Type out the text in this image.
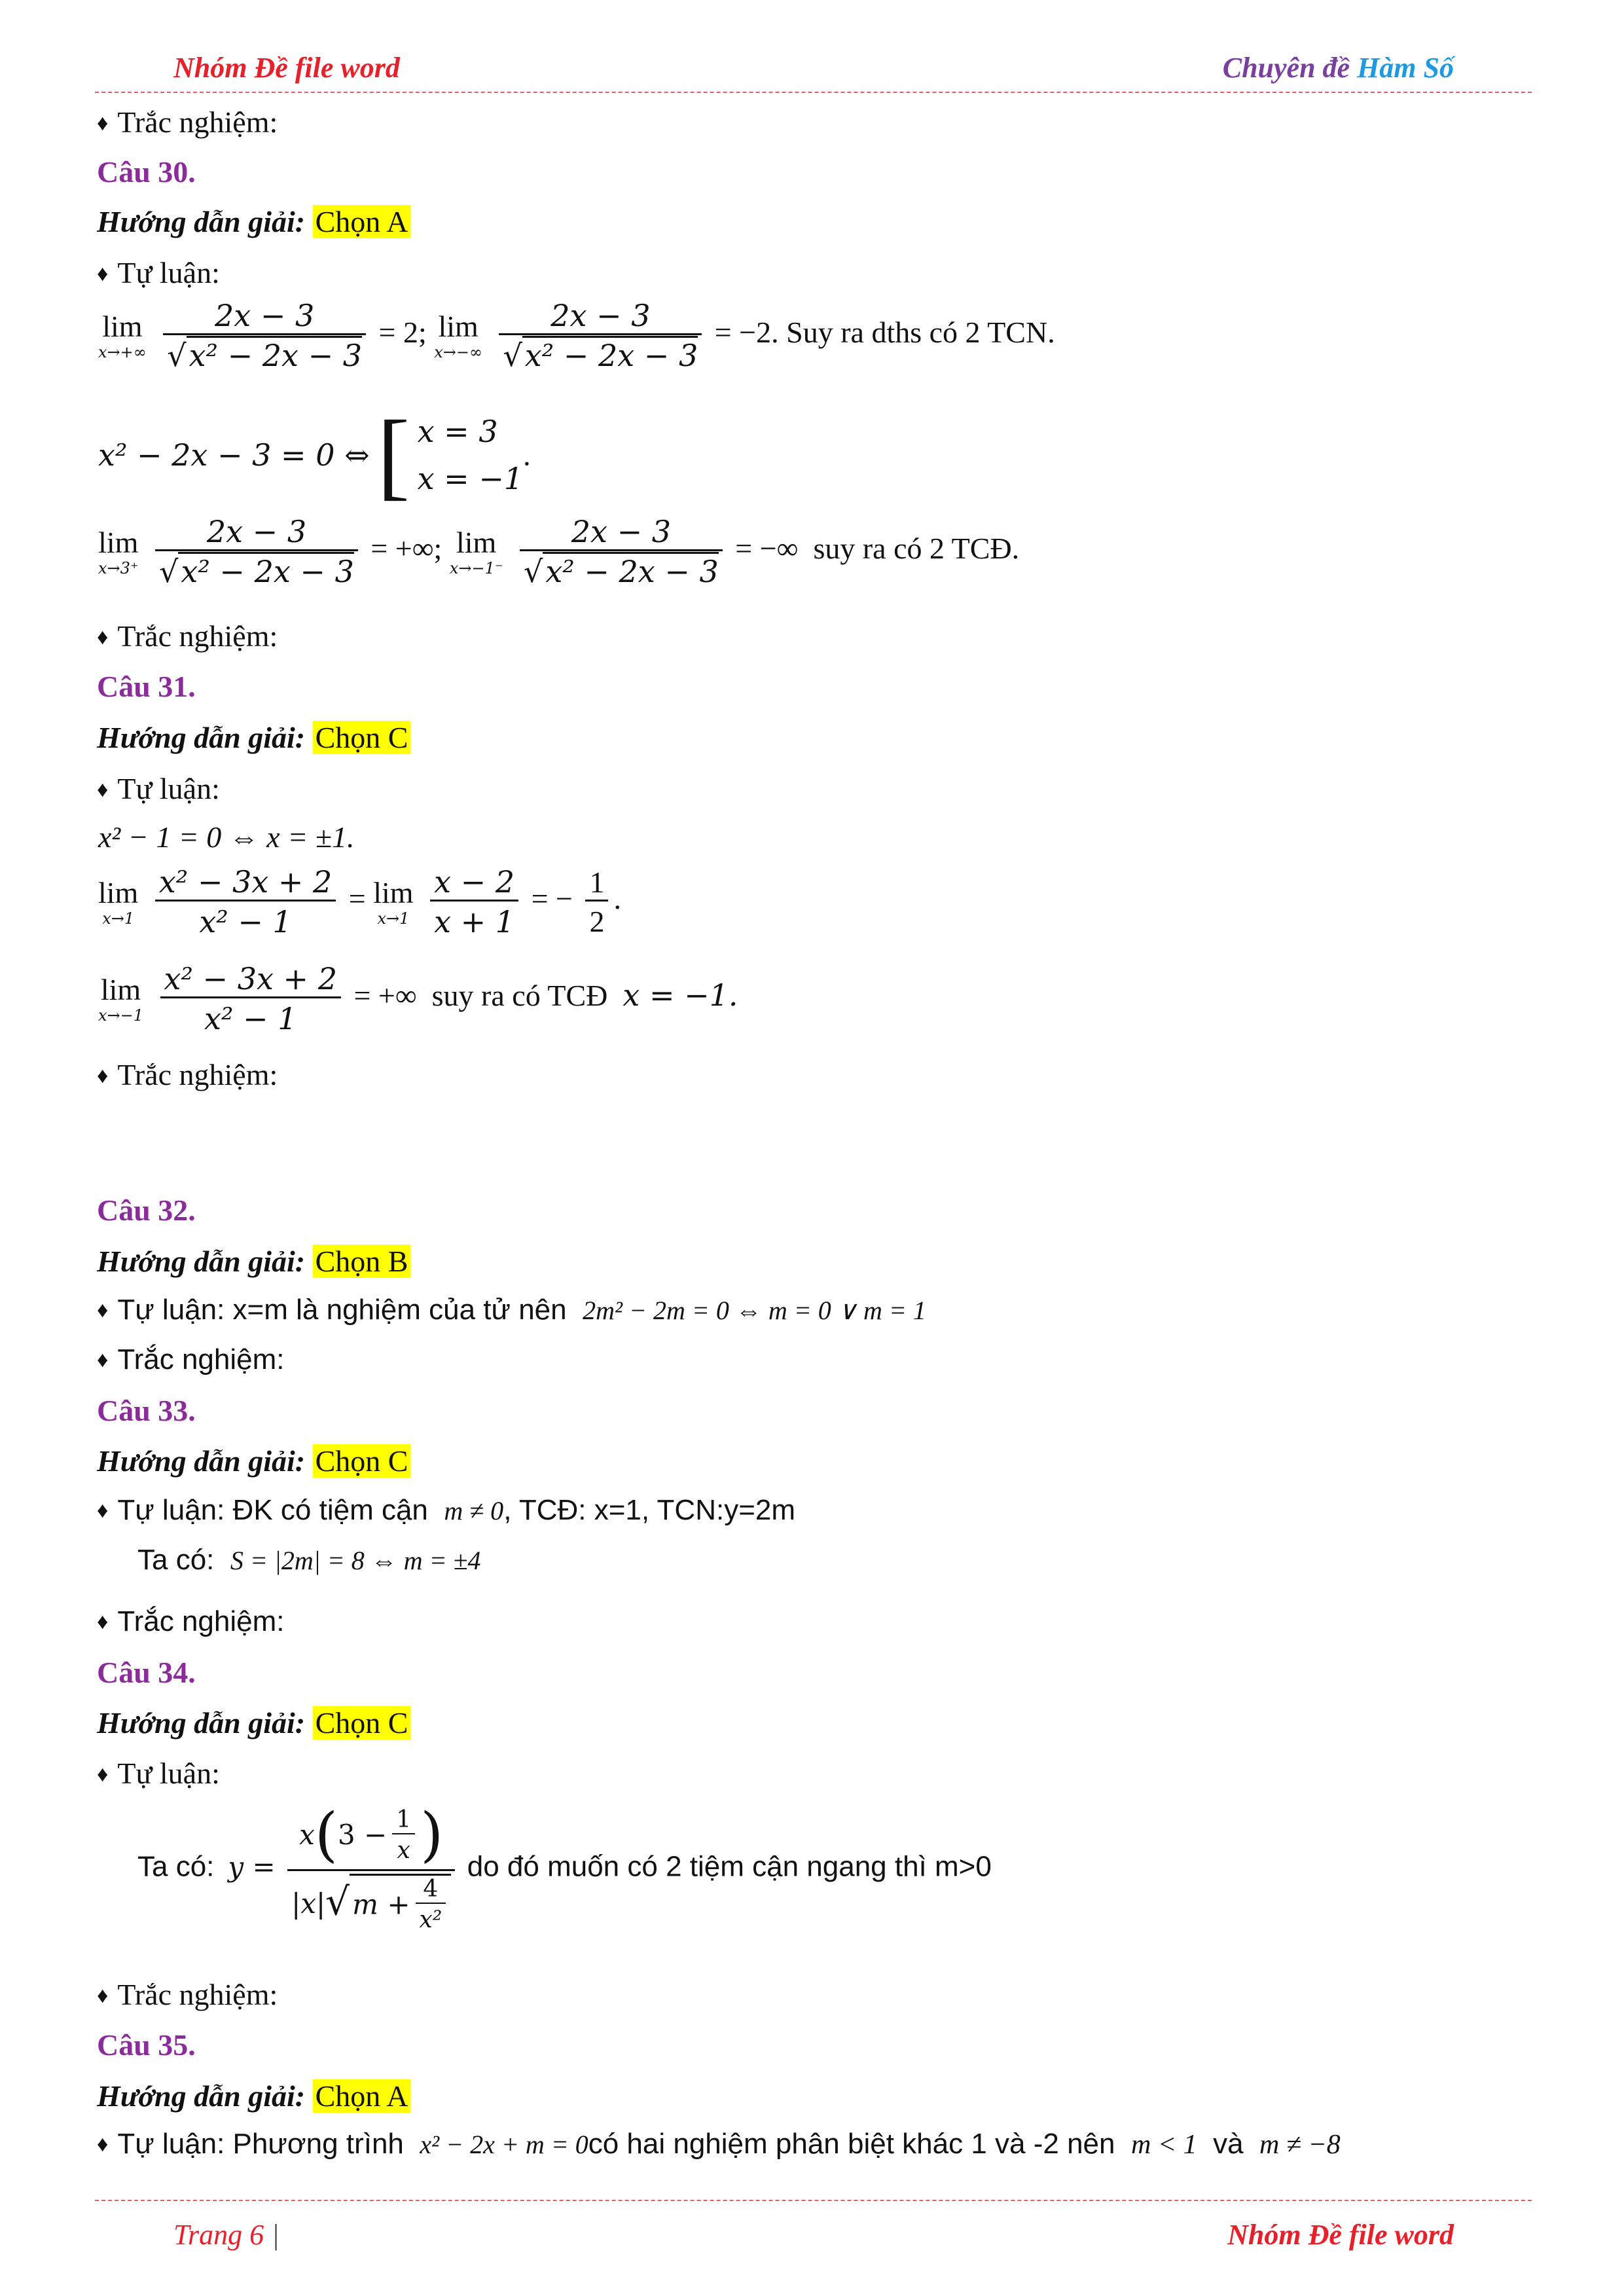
Nhóm Đề file word	Chuyên đề Hàm Số
♦ Trắc nghiệm:
Câu 30.
Hướng dẫn giải: Chọn A
♦ Tự luận:
lim
x→+∞
$\frac{2x - 3}{\text{√x² − 2x − 3}} = 2$; lim
x→−∞
$\frac{2x - 3}{\text{√x² − 2x − 3}} = -2$. Suy ra dths có 2 TCN.
x² − 2x − 3 = 0 ⇔ [ x = 3
x = −1
.
lim
x→3⁺
$\frac{2x - 3}{\text{√x² − 2x − 3}}$ = +∞; lim
x→−1⁻
$\frac{2x - 3}{\text{√x² − 2x − 3}}$ = −∞ suy ra có 2 TCĐ.
♦ Trắc nghiệm:
Câu 31.
Hướng dẫn giải: Chọn C
♦ Tự luận:
x² − 1 = 0 ⇔ x = ±1.
lim
x→1
$\frac{\text{x² − 3x + 2}}{\text{x² − 1}} = \lim$
x→1
$\frac{x - 2}{x + 1}$ = − $\frac{1}{2}$ .
lim
x→−1
$\frac{\text{x² − 3x + 2}}{\text{x² − 1}}$ = +∞ suy ra có TCĐ x = −1.
♦ Trắc nghiệm:
Câu 32.
Hướng dẫn giải: Chọn B
♦ Tự luận: x=m là nghiệm của tử nên 2m² − 2m = 0 ⇔ m = 0 ∨ m = 1
♦ Trắc nghiệm:
Câu 33.
Hướng dẫn giải: Chọn C
♦ Tự luận: ĐK có tiệm cận m ≠ 0, TCĐ: x=1, TCN:y=2m
Ta có: S = |2m| = 8 ⇔ m = ±4
♦ Trắc nghiệm:
Câu 34.
Hướng dẫn giải: Chọn C
♦ Tự luận:
Ta có: $y = \frac{x(3 - \frac{1}{x} )}{|x|√m + \frac{4}{\text{x²}}}$ do đó muốn có 2 tiệm cận ngang thì m>0
♦ Trắc nghiệm:
Câu 35.
Hướng dẫn giải: Chọn A
♦ Tự luận: Phương trình x² − 2x + m = 0có hai nghiệm phân biệt khác 1 và -2 nên m < 1 và m ≠ −8
Trang 6 |	Nhóm Đề file word
